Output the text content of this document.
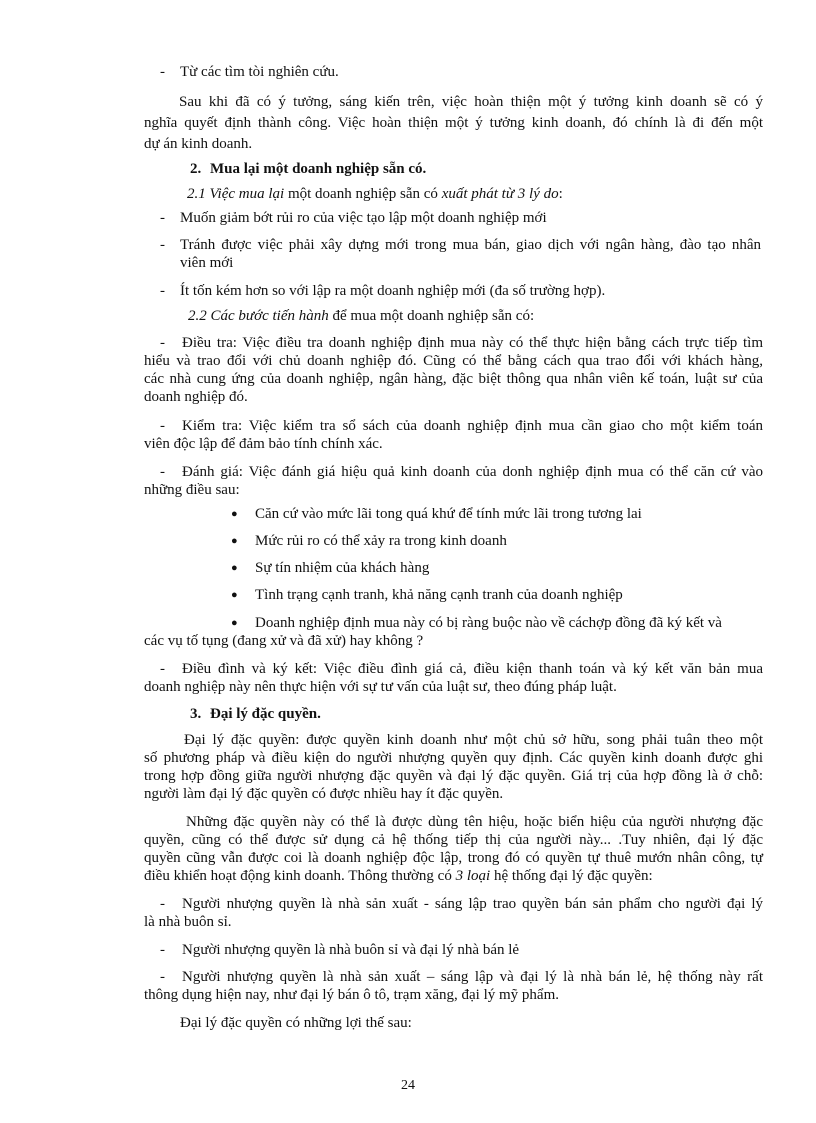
- Từ các tìm tòi nghiên cứu.
Sau khi đã có ý tưởng, sáng kiến trên, việc hoàn thiện một ý tưởng kinh doanh sẽ có ý
nghĩa quyết định thành công. Việc hoàn thiện một ý tưởng kinh doanh, đó chính là đi đến một
dự án kinh doanh.
2. Mua lại một doanh nghiệp sẵn có.
2.1 Việc mua lại một doanh nghiệp sẵn có xuất phát từ 3 lý do:
- Muốn giảm bớt rủi ro của việc tạo lập một doanh nghiệp mới
- Tránh được việc phải xây dựng mới trong mua bán, giao dịch với ngân hàng, đào tạo nhân
viên mới
- Ít tốn kém hơn so với lập ra một doanh nghiệp mới (đa số trường hợp).
2.2 Các bước tiến hành để mua một doanh nghiệp sẵn có:
- Điều tra: Việc điều tra doanh nghiệp định mua này có thể thực hiện bằng cách trực tiếp tìm
hiểu và trao đổi với chủ doanh nghiệp đó. Cũng có thể bằng cách qua trao đổi với khách hàng,
các nhà cung ứng của doanh nghiệp, ngân hàng, đặc biệt thông qua nhân viên kế toán, luật sư của
doanh nghiệp đó.
- Kiểm tra: Việc kiểm tra sổ sách của doanh nghiệp định mua cần giao cho một kiểm toán
viên độc lập để đảm bảo tính chính xác.
- Đánh giá: Việc đánh giá hiệu quả kinh doanh của donh nghiệp định mua có thể căn cứ vào
những điều sau:
● Căn cứ vào mức lãi tong quá khứ để tính mức lãi trong tương lai
● Mức rủi ro có thể xảy ra trong kinh doanh
● Sự tín nhiệm của khách hàng
● Tình trạng cạnh tranh, khả năng cạnh tranh của doanh nghiệp
● Doanh nghiệp định mua này có bị ràng buộc nào về cáchợp đồng đã ký kết và
các vụ tố tụng (đang xử và đã xử) hay không ?
- Điều đình và ký kết: Việc điều đình giá cả, điều kiện thanh toán và ký kết văn bản mua
doanh nghiệp này nên thực hiện với sự tư vấn của luật sư, theo đúng pháp luật.
3. Đại lý đặc quyền.
Đại lý đặc quyền: được quyền kinh doanh như một chủ sở hữu, song phải tuân theo một
số phương pháp và điều kiện do người nhượng quyền quy định. Các quyền kinh doanh được ghi
trong hợp đồng giữa người nhượng đặc quyền và đại lý đặc quyền. Giá trị của hợp đồng là ở chỗ:
người làm đại lý đặc quyền có được nhiều hay ít đặc quyền.
Những đặc quyền này có thể là được dùng tên hiệu, hoặc biển hiệu của người nhượng đặc
quyền, cũng có thể được sử dụng cả hệ thống tiếp thị của người này... .Tuy nhiên, đại lý đặc
quyền cũng vẫn được coi là doanh nghiệp độc lập, trong đó có quyền tự thuê mướn nhân công, tự
điều khiển hoạt động kinh doanh. Thông thường có 3 loại hệ thống đại lý đặc quyền:
- Người nhượng quyền là nhà sản xuất - sáng lập trao quyền bán sản phẩm cho người đại lý
là nhà buôn sỉ.
- Người nhượng quyền là nhà buôn sỉ và đại lý nhà bán lẻ
- Người nhượng quyền là nhà sản xuất – sáng lập và đại lý là nhà bán lẻ, hệ thống này rất
thông dụng hiện nay, như đại lý bán ô tô, trạm xăng, đại lý mỹ phẩm.
Đại lý đặc quyền có những lợi thế sau:
24
